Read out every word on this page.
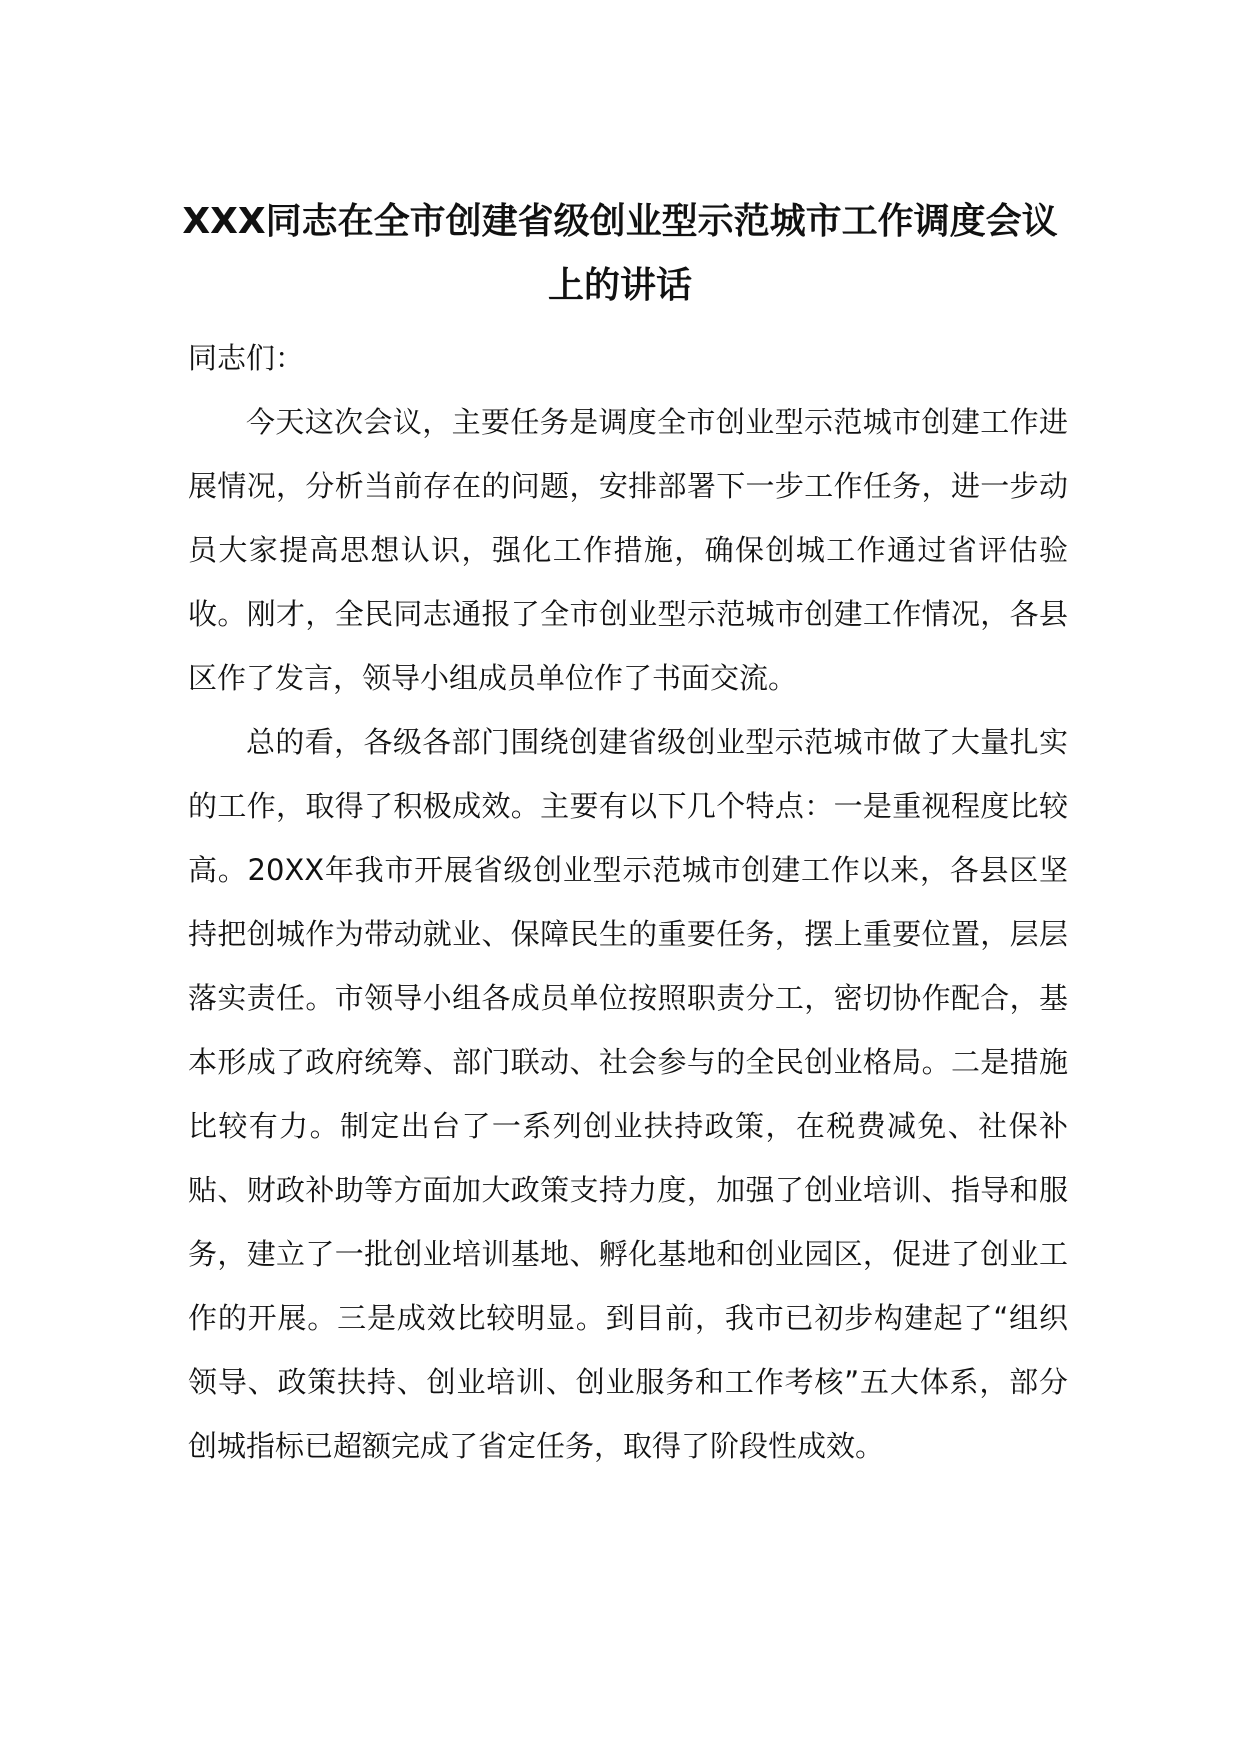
XXX同志在全市创建省级创业型示范城市工作调度会议上的讲话

同志们：

今天这次会议，主要任务是调度全市创业型示范城市创建工作进展情况，分析当前存在的问题，安排部署下一步工作任务，进一步动员大家提高思想认识，强化工作措施，确保创城工作通过省评估验收。刚才，全民同志通报了全市创业型示范城市创建工作情况，各县区作了发言，领导小组成员单位作了书面交流。

总的看，各级各部门围绕创建省级创业型示范城市做了大量扎实的工作，取得了积极成效。主要有以下几个特点：一是重视程度比较高。20XX年我市开展省级创业型示范城市创建工作以来，各县区坚持把创城作为带动就业、保障民生的重要任务，摆上重要位置，层层落实责任。市领导小组各成员单位按照职责分工，密切协作配合，基本形成了政府统筹、部门联动、社会参与的全民创业格局。二是措施比较有力。制定出台了一系列创业扶持政策，在税费减免、社保补贴、财政补助等方面加大政策支持力度，加强了创业培训、指导和服务，建立了一批创业培训基地、孵化基地和创业园区，促进了创业工作的开展。三是成效比较明显。到目前，我市已初步构建起了“组织领导、政策扶持、创业培训、创业服务和工作考核”五大体系，部分创城指标已超额完成了省定任务，取得了阶段性成效。
